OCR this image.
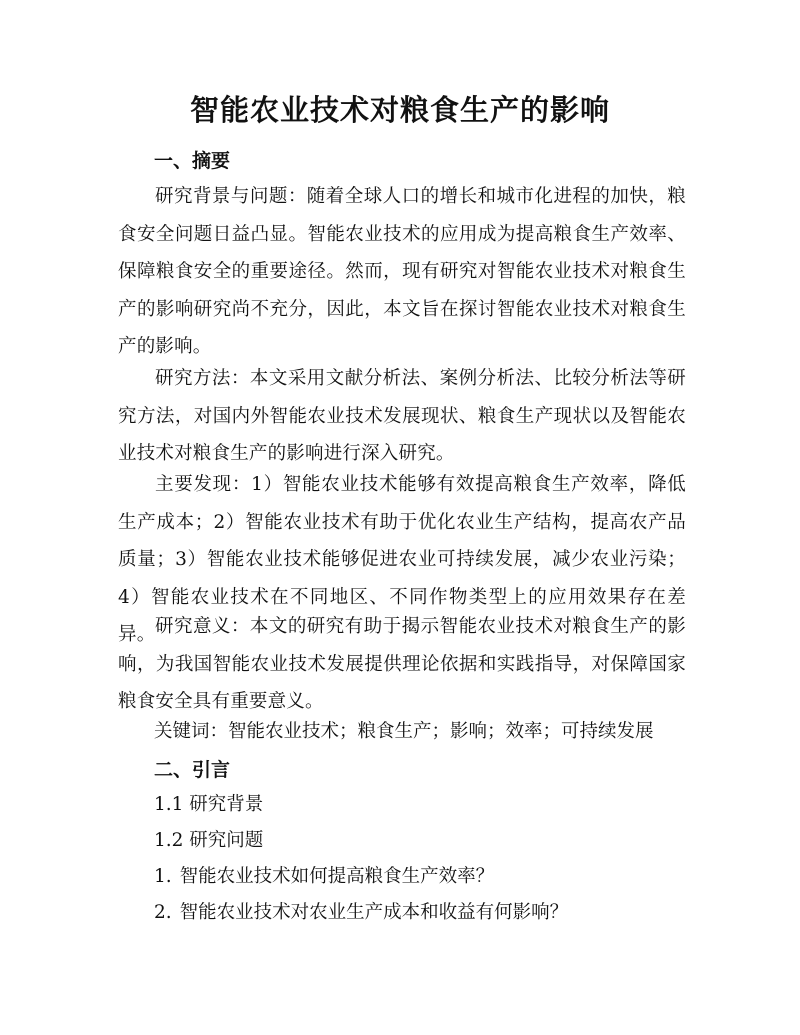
智能农业技术对粮食生产的影响
一、摘要

研究背景与问题：随着全球人口的增长和城市化进程的加快，粮食安全问题日益凸显。智能农业技术的应用成为提高粮食生产效率、保障粮食安全的重要途径。然而，现有研究对智能农业技术对粮食生产的影响研究尚不充分，因此，本文旨在探讨智能农业技术对粮食生产的影响。

研究方法：本文采用文献分析法、案例分析法、比较分析法等研究方法，对国内外智能农业技术发展现状、粮食生产现状以及智能农业技术对粮食生产的影响进行深入研究。

主要发现：1）智能农业技术能够有效提高粮食生产效率，降低生产成本；2）智能农业技术有助于优化农业生产结构，提高农产品质量；3）智能农业技术能够促进农业可持续发展，减少农业污染；4）智能农业技术在不同地区、不同作物类型上的应用效果存在差异。 研究意义：本文的研究有助于揭示智能农业技术对粮食生产的影响，为我国智能农业技术发展提供理论依据和实践指导，对保障国家粮食安全具有重要意义。

关键词：智能农业技术；粮食生产；影响；效率；可持续发展

二、引言

1.1 研究背景

1.2 研究问题

1. 智能农业技术如何提高粮食生产效率？

2. 智能农业技术对农业生产成本和收益有何影响？
